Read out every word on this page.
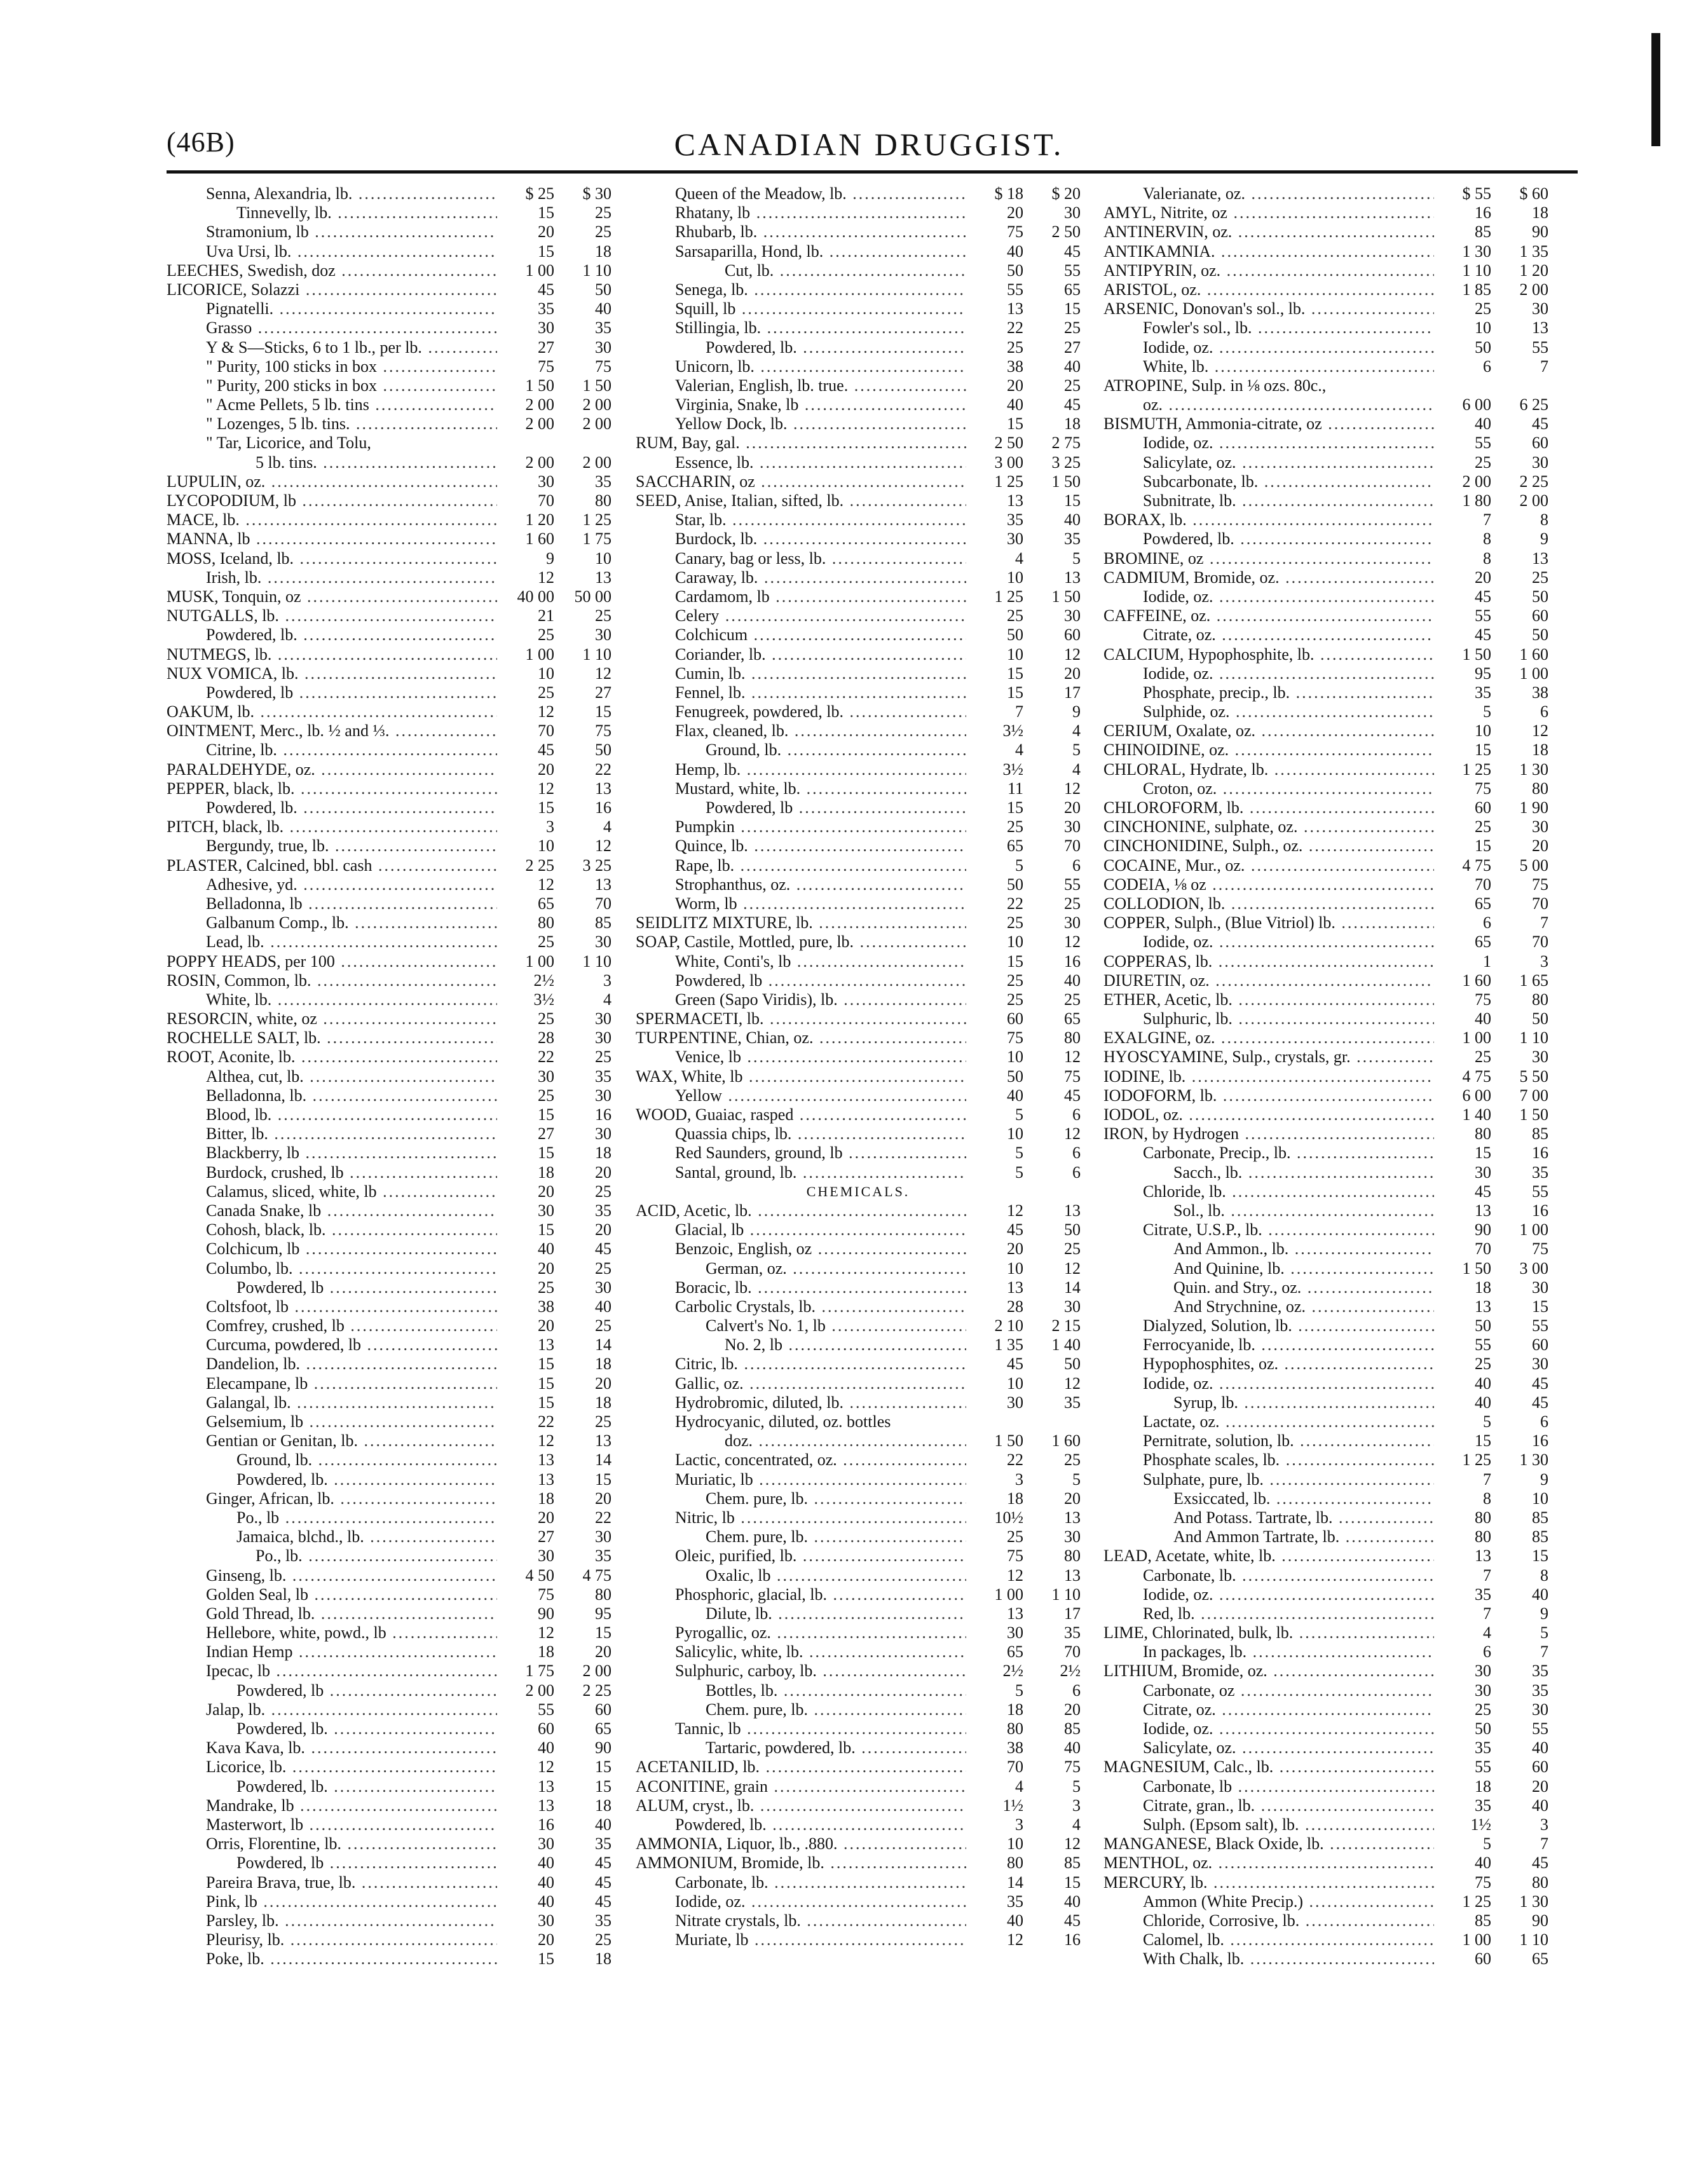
(46B)	CANADIAN DRUGGIST.
Senna, Alexandria, lb. .....	$ 25	$ 30
Tinnevelly, lb. .....	15	25
Stramonium, lb .....	20	25
Uva Ursi, lb. .....	15	18
LEECHES, Swedish, doz .....	1 00	1 10
LICORICE, Solazzi .....	45	50
Pignatelli. .....	35	40
Grasso .....	30	35
Y & S—Sticks, 6 to 1 lb., per lb. .....	27	30
" Purity, 100 sticks in box .....	75	75
" Purity, 200 sticks in box .....	1 50	1 50
" Acme Pellets, 5 lb. tins .....	2 00	2 00
" Lozenges, 5 lb. tins. .....	2 00	2 00
" Tar, Licorice, and Tolu,
5 lb. tins. .....	2 00	2 00
LUPULIN, oz. .....	30	35
LYCOPODIUM, lb .....	70	80
MACE, lb. .....	1 20	1 25
MANNA, lb .....	1 60	1 75
MOSS, Iceland, lb. .....	9	10
Irish, lb. .....	12	13
MUSK, Tonquin, oz .....	40 00	50 00
NUTGALLS, lb. .....	21	25
Powdered, lb. .....	25	30
NUTMEGS, lb. .....	1 00	1 10
NUX VOMICA, lb. .....	10	12
Powdered, lb .....	25	27
OAKUM, lb. .....	12	15
OINTMENT, Merc., lb. ½ and ⅓. .....	70	75
Citrine, lb. .....	45	50
PARALDEHYDE, oz. .....	20	22
PEPPER, black, lb. .....	12	13
Powdered, lb. .....	15	16
PITCH, black, lb. .....	3	4
Bergundy, true, lb. .....	10	12
PLASTER, Calcined, bbl. cash .....	2 25	3 25
Adhesive, yd. .....	12	13
Belladonna, lb .....	65	70
Galbanum Comp., lb. .....	80	85
Lead, lb. .....	25	30
POPPY HEADS, per 100 .....	1 00	1 10
ROSIN, Common, lb. .....	2½	3
White, lb. .....	3½	4
RESORCIN, white, oz .....	25	30
ROCHELLE SALT, lb. .....	28	30
ROOT, Aconite, lb. .....	22	25
Althea, cut, lb. .....	30	35
Belladonna, lb. .....	25	30
Blood, lb. .....	15	16
Bitter, lb. .....	27	30
Blackberry, lb .....	15	18
Burdock, crushed, lb .....	18	20
Calamus, sliced, white, lb .....	20	25
Canada Snake, lb .....	30	35
Cohosh, black, lb. .....	15	20
Colchicum, lb .....	40	45
Columbo, lb. .....	20	25
Powdered, lb .....	25	30
Coltsfoot, lb .....	38	40
Comfrey, crushed, lb .....	20	25
Curcuma, powdered, lb .....	13	14
Dandelion, lb. .....	15	18
Elecampane, lb .....	15	20
Galangal, lb. .....	15	18
Gelsemium, lb .....	22	25
Gentian or Genitan, lb. .....	12	13
Ground, lb. .....	13	14
Powdered, lb. .....	13	15
Ginger, African, lb. .....	18	20
Po., lb .....	20	22
Jamaica, blchd., lb. .....	27	30
Po., lb. .....	30	35
Ginseng, lb. .....	4 50	4 75
Golden Seal, lb .....	75	80
Gold Thread, lb. .....	90	95
Hellebore, white, powd., lb .....	12	15
Indian Hemp .....	18	20
Ipecac, lb .....	1 75	2 00
Powdered, lb .....	2 00	2 25
Jalap, lb. .....	55	60
Powdered, lb. .....	60	65
Kava Kava, lb. .....	40	90
Licorice, lb. .....	12	15
Powdered, lb. .....	13	15
Mandrake, lb .....	13	18
Masterwort, lb .....	16	40
Orris, Florentine, lb. .....	30	35
Powdered, lb .....	40	45
Pareira Brava, true, lb. .....	40	45
Pink, lb .....	40	45
Parsley, lb. .....	30	35
Pleurisy, lb. .....	20	25
Poke, lb. .....	15	18
Queen of the Meadow, lb. .....	$ 18	$ 20
Rhatany, lb .....	20	30
Rhubarb, lb. .....	75	2 50
Sarsaparilla, Hond, lb. .....	40	45
Cut, lb. .....	50	55
Senega, lb. .....	55	65
Squill, lb .....	13	15
Stillingia, lb. .....	22	25
Powdered, lb. .....	25	27
Unicorn, lb. .....	38	40
Valerian, English, lb. true. .....	20	25
Virginia, Snake, lb .....	40	45
Yellow Dock, lb. .....	15	18
RUM, Bay, gal. .....	2 50	2 75
Essence, lb. .....	3 00	3 25
SACCHARIN, oz .....	1 25	1 50
SEED, Anise, Italian, sifted, lb. .....	13	15
Star, lb. .....	35	40
Burdock, lb. .....	30	35
Canary, bag or less, lb. .....	4	5
Caraway, lb. .....	10	13
Cardamom, lb .....	1 25	1 50
Celery .....	25	30
Colchicum .....	50	60
Coriander, lb. .....	10	12
Cumin, lb. .....	15	20
Fennel, lb. .....	15	17
Fenugreek, powdered, lb. .....	7	9
Flax, cleaned, lb. .....	3½	4
Ground, lb. .....	4	5
Hemp, lb. .....	3½	4
Mustard, white, lb. .....	11	12
Powdered, lb .....	15	20
Pumpkin .....	25	30
Quince, lb. .....	65	70
Rape, lb. .....	5	6
Strophanthus, oz. .....	50	55
Worm, lb .....	22	25
SEIDLITZ MIXTURE, lb. .....	25	30
SOAP, Castile, Mottled, pure, lb. .....	10	12
White, Conti's, lb .....	15	16
Powdered, lb .....	25	40
Green (Sapo Viridis), lb. .....	25	25
SPERMACETI, lb. .....	60	65
TURPENTINE, Chian, oz. .....	75	80
Venice, lb .....	10	12
WAX, White, lb .....	50	75
Yellow .....	40	45
WOOD, Guaiac, rasped .....	5	6
Quassia chips, lb. .....	10	12
Red Saunders, ground, lb .....	5	6
Santal, ground, lb. .....	5	6
CHEMICALS.
ACID, Acetic, lb. .....	12	13
Glacial, lb .....	45	50
Benzoic, English, oz .....	20	25
German, oz. .....	10	12
Boracic, lb. .....	13	14
Carbolic Crystals, lb. .....	28	30
Calvert's No. 1, lb .....	2 10	2 15
No. 2, lb .....	1 35	1 40
Citric, lb. .....	45	50
Gallic, oz. .....	10	12
Hydrobromic, diluted, lb. .....	30	35
Hydrocyanic, diluted, oz. bottles
doz. .....	1 50	1 60
Lactic, concentrated, oz. .....	22	25
Muriatic, lb .....	3	5
Chem. pure, lb. .....	18	20
Nitric, lb .....	10½	13
Chem. pure, lb. .....	25	30
Oleic, purified, lb. .....	75	80
Oxalic, lb .....	12	13
Phosphoric, glacial, lb. .....	1 00	1 10
Dilute, lb. .....	13	17
Pyrogallic, oz. .....	30	35
Salicylic, white, lb. .....	65	70
Sulphuric, carboy, lb. .....	2½	2½
Bottles, lb. .....	5	6
Chem. pure, lb. .....	18	20
Tannic, lb .....	80	85
Tartaric, powdered, lb. .....	38	40
ACETANILID, lb. .....	70	75
ACONITINE, grain .....	4	5
ALUM, cryst., lb. .....	1½	3
Powdered, lb. .....	3	4
AMMONIA, Liquor, lb., .880. .....	10	12
AMMONIUM, Bromide, lb. .....	80	85
Carbonate, lb. .....	14	15
Iodide, oz. .....	35	40
Nitrate crystals, lb. .....	40	45
Muriate, lb .....	12	16
Valerianate, oz. .....	$ 55	$ 60
AMYL, Nitrite, oz .....	16	18
ANTINERVIN, oz. .....	85	90
ANTIKAMNIA. .....	1 30	1 35
ANTIPYRIN, oz. .....	1 10	1 20
ARISTOL, oz. .....	1 85	2 00
ARSENIC, Donovan's sol., lb. .....	25	30
Fowler's sol., lb. .....	10	13
Iodide, oz. .....	50	55
White, lb. .....	6	7
ATROPINE, Sulp. in ⅛ ozs. 80c.,
oz. .....	6 00	6 25
BISMUTH, Ammonia-citrate, oz .....	40	45
Iodide, oz. .....	55	60
Salicylate, oz. .....	25	30
Subcarbonate, lb. .....	2 00	2 25
Subnitrate, lb. .....	1 80	2 00
BORAX, lb. .....	7	8
Powdered, lb. .....	8	9
BROMINE, oz .....	8	13
CADMIUM, Bromide, oz. .....	20	25
Iodide, oz. .....	45	50
CAFFEINE, oz. .....	55	60
Citrate, oz. .....	45	50
CALCIUM, Hypophosphite, lb. .....	1 50	1 60
Iodide, oz. .....	95	1 00
Phosphate, precip., lb. .....	35	38
Sulphide, oz. .....	5	6
CERIUM, Oxalate, oz. .....	10	12
CHINOIDINE, oz. .....	15	18
CHLORAL, Hydrate, lb. .....	1 25	1 30
Croton, oz. .....	75	80
CHLOROFORM, lb. .....	60	1 90
CINCHONINE, sulphate, oz. .....	25	30
CINCHONIDINE, Sulph., oz. .....	15	20
COCAINE, Mur., oz. .....	4 75	5 00
CODEIA, ⅛ oz .....	70	75
COLLODION, lb. .....	65	70
COPPER, Sulph., (Blue Vitriol) lb. .....	6	7
Iodide, oz. .....	65	70
COPPERAS, lb. .....	1	3
DIURETIN, oz. .....	1 60	1 65
ETHER, Acetic, lb. .....	75	80
Sulphuric, lb. .....	40	50
EXALGINE, oz. .....	1 00	1 10
HYOSCYAMINE, Sulp., crystals, gr. .....	25	30
IODINE, lb. .....	4 75	5 50
IODOFORM, lb. .....	6 00	7 00
IODOL, oz. .....	1 40	1 50
IRON, by Hydrogen .....	80	85
Carbonate, Precip., lb. .....	15	16
Sacch., lb. .....	30	35
Chloride, lb. .....	45	55
Sol., lb. .....	13	16
Citrate, U.S.P., lb. .....	90	1 00
And Ammon., lb. .....	70	75
And Quinine, lb. .....	1 50	3 00
Quin. and Stry., oz. .....	18	30
And Strychnine, oz. .....	13	15
Dialyzed, Solution, lb. .....	50	55
Ferrocyanide, lb. .....	55	60
Hypophosphites, oz. .....	25	30
Iodide, oz. .....	40	45
Syrup, lb. .....	40	45
Lactate, oz. .....	5	6
Pernitrate, solution, lb. .....	15	16
Phosphate scales, lb. .....	1 25	1 30
Sulphate, pure, lb. .....	7	9
Exsiccated, lb. .....	8	10
And Potass. Tartrate, lb. .....	80	85
And Ammon Tartrate, lb. .....	80	85
LEAD, Acetate, white, lb. .....	13	15
Carbonate, lb. .....	7	8
Iodide, oz. .....	35	40
Red, lb. .....	7	9
LIME, Chlorinated, bulk, lb. .....	4	5
In packages, lb. .....	6	7
LITHIUM, Bromide, oz. .....	30	35
Carbonate, oz .....	30	35
Citrate, oz. .....	25	30
Iodide, oz. .....	50	55
Salicylate, oz. .....	35	40
MAGNESIUM, Calc., lb. .....	55	60
Carbonate, lb .....	18	20
Citrate, gran., lb. .....	35	40
Sulph. (Epsom salt), lb. .....	1½	3
MANGANESE, Black Oxide, lb. .....	5	7
MENTHOL, oz. .....	40	45
MERCURY, lb. .....	75	80
Ammon (White Precip.) .....	1 25	1 30
Chloride, Corrosive, lb. .....	85	90
Calomel, lb. .....	1 00	1 10
With Chalk, lb. .....	60	65
